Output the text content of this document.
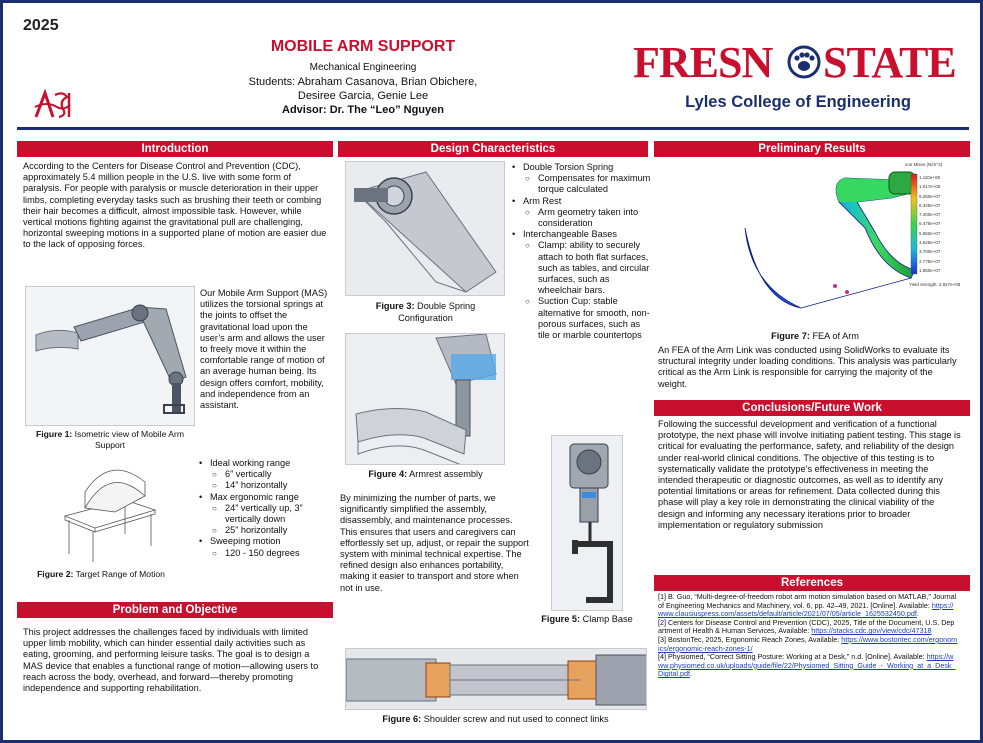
2025
MOBILE ARM SUPPORT
Mechanical Engineering
Students: Abraham Casanova, Brian Obichere,
Desiree Garcia, Genie Lee
Advisor: Dr. The “Leo” Nguyen
FRESN STATE
Lyles College of Engineering
Introduction
According to the Centers for Disease Control and Prevention (CDC), approximately 5.4 million people in the U.S. live with some form of paralysis. For people with paralysis or muscle deterioration in their upper limbs, completing everyday tasks such as brushing their teeth or combing their hair becomes a difficult, almost impossible task. However, while vertical motions fighting against the gravitational pull are challenging, horizontal sweeping motions in a supported plane of motion are easier due to the lack of opposing forces.
Figure 1: Isometric view of Mobile Arm Support
Figure 2: Target Range of Motion
Our Mobile Arm Support (MAS) utilizes the torsional springs at the joints to offset the gravitational load upon the user’s arm and allows the user to freely move it within the comfortable range of motion of an average human being. Its design offers comfort, mobility, and independence from an assistant.
• Ideal working range
○ 6” vertically
○ 14” horizontally
• Max ergonomic range
○ 24” vertically up, 3” vertically down
○ 25” horizontally
• Sweeping motion
○ 120 - 150 degrees
Problem and Objective
This project addresses the challenges faced by individuals with limited upper limb mobility, which can hinder essential daily activities such as eating, grooming, and performing leisure tasks. The goal is to design a MAS device that enables a functional range of motion—allowing users to reach across the body, overhead, and forward—thereby promoting independence and supporting rehabilitation.
Design Characteristics
Figure 3: Double Spring Configuration
• Double Torsion Spring
○ Compensates for maximum torque calculated
• Arm Rest
○ Arm geometry taken into consideration
• Interchangeable Bases
○ Clamp: ability to securely attach to both flat surfaces, such as tables, and circular surfaces, such as wheelchair bars.
○ Suction Cup: stable alternative for smooth, non-porous surfaces, such as tile or marble countertops
Figure 4: Armrest assembly
By minimizing the number of parts, we significantly simplified the assembly, disassembly, and maintenance processes. This ensures that users and caregivers can effortlessly set up, adjust, or repair the support system with minimal technical expertise. The refined design also enhances portability, making it easier to transport and store when not in use.
Figure 5: Clamp Base
Figure 6: Shoulder screw and nut used to connect links
Preliminary Results
von Mises (N/m^2)
1.110e+08
1.017e+08
9.250e+07
8.325e+07
7.400e+07
6.475e+07
5.550e+07
4.625e+07
3.700e+07
2.775e+07
1.850e+07
Yield strength: 2.827e+08
Figure 7: FEA of Arm
An FEA of the Arm Link was conducted using SolidWorks to evaluate its structural integrity under loading conditions. This analysis was particularly critical as the Arm Link is responsible for carrying the majority of the weight.
Conclusions/Future Work
Following the successful development and verification of a functional prototype, the next phase will involve initiating patient testing. This stage is critical for evaluating the performance, safety, and reliability of the design under real-world clinical conditions. The objective of this testing is to systematically validate the prototype’s effectiveness in meeting the intended therapeutic or diagnostic outcomes, as well as to identify any potential limitations or areas for refinement. Data collected during this phase will play a key role in demonstrating the clinical viability of the design and informing any necessary iterations prior to broader implementation or regulatory submission
References
[1] B. Guo, “Multi-degree-of-freedom robot arm motion simulation based on MATLAB,” Journal of Engineering Mechanics and Machinery, vol. 6, pp. 42–49, 2021. [Online]. Available: https://www.clausiuspress.com/assets/default/article/2021/07/05/article_1625532450.pdf.
[2] Centers for Disease Control and Prevention (CDC), 2025, Title of the Document, U.S. Department of Health & Human Services, Available: https://stacks.cdc.gov/view/cdc/47318
[3] BostonTec, 2025, Ergonomic Reach Zones, Available: https://www.bostontec.com/ergonomics/ergonomic-reach-zones-1/
[4] Physiomed, “Correct Sitting Posture: Working at a Desk,” n.d. [Online]. Available: https://www.physiomed.co.uk/uploads/guide/file/22/Physiomed_Sitting_Guide_-_Working_at_a_Desk_Digital.pdf.
